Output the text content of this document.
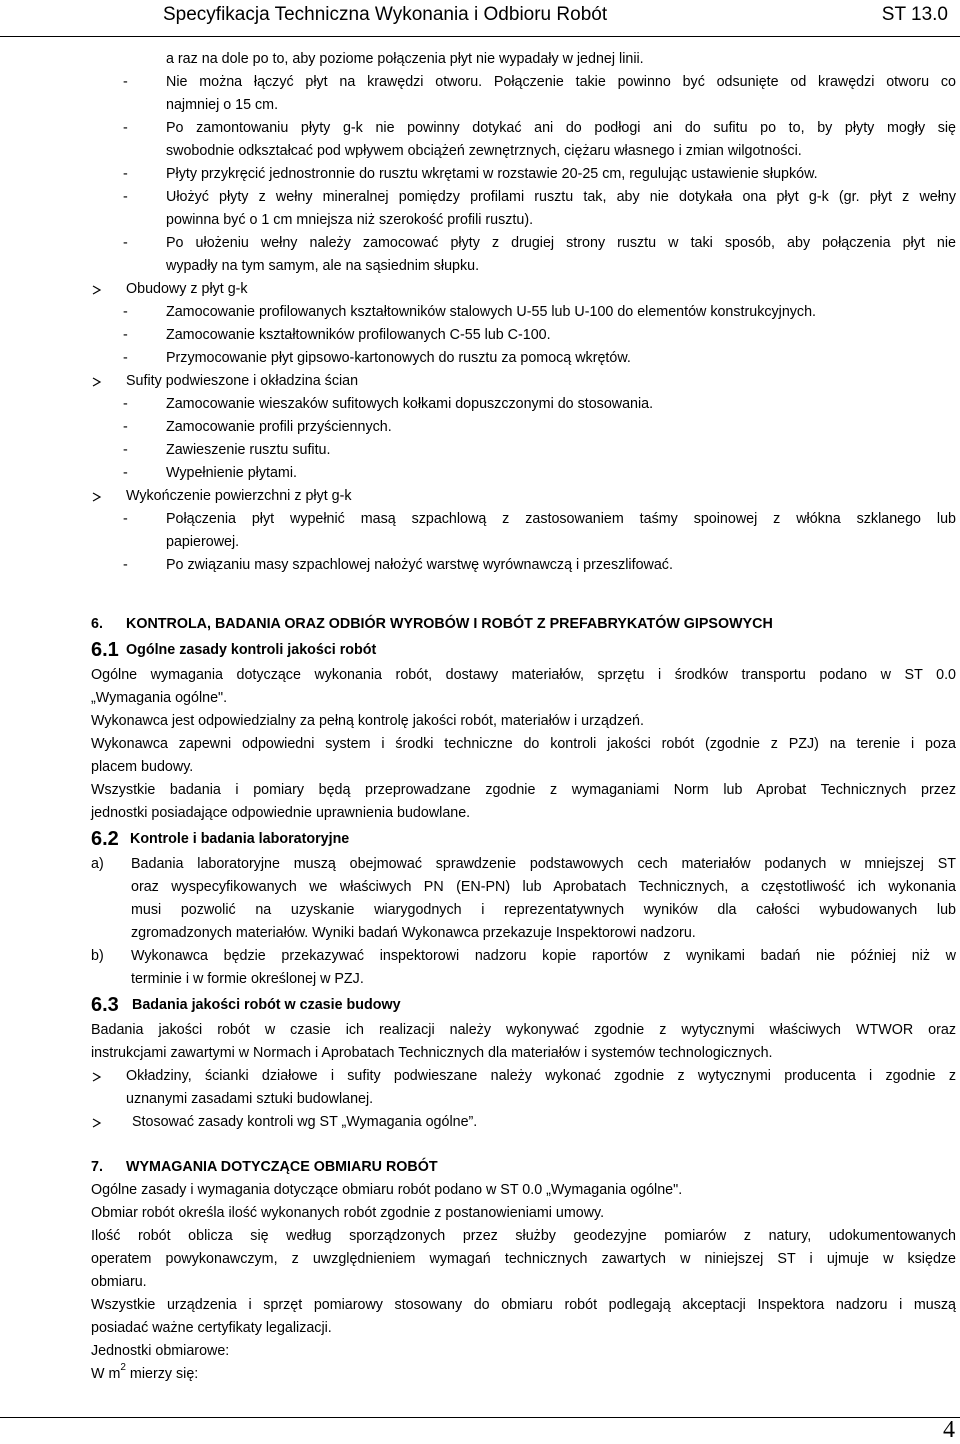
Specyfikacja Techniczna Wykonania i Odbioru Robót	ST 13.0
a raz na dole po to, aby poziome połączenia płyt nie wypadały w jednej linii.
-	Nie można łączyć płyt na krawędzi otworu. Połączenie takie powinno być odsunięte od krawędzi otworu co
najmniej o 15 cm.
-	Po zamontowaniu płyty g-k nie powinny dotykać ani do podłogi ani do sufitu po to, by płyty mogły się
swobodnie odkształcać pod wpływem obciążeń zewnętrznych, ciężaru własnego i zmian wilgotności.
-	Płyty przykręcić jednostronnie do rusztu wkrętami w rozstawie 20-25 cm, regulując ustawienie słupków.
-	Ułożyć płyty z wełny mineralnej pomiędzy profilami rusztu tak, aby nie dotykała ona płyt g-k (gr. płyt z wełny
powinna być o 1 cm mniejsza niż szerokość profili rusztu).
-	Po ułożeniu wełny należy zamocować płyty z drugiej strony rusztu w taki sposób, aby połączenia płyt nie
wypadły na tym samym, ale na sąsiednim słupku.
Obudowy z płyt g-k
-	Zamocowanie profilowanych kształtowników stalowych U-55 lub U-100 do elementów konstrukcyjnych.
-	Zamocowanie kształtowników profilowanych C-55 lub C-100.
-	Przymocowanie płyt gipsowo-kartonowych do rusztu za pomocą wkrętów.
Sufity podwieszone i okładzina ścian
-	Zamocowanie wieszaków sufitowych kołkami dopuszczonymi do stosowania.
-	Zamocowanie profili przyściennych.
-	Zawieszenie rusztu sufitu.
-	Wypełnienie płytami.
Wykończenie powierzchni z płyt g-k
-	Połączenia płyt wypełnić masą szpachlową z zastosowaniem taśmy spoinowej z włókna szklanego lub
papierowej.
-	Po związaniu masy szpachlowej nałożyć warstwę wyrównawczą i przeszlifować.
6. KONTROLA, BADANIA ORAZ ODBIÓR WYROBÓW I ROBÓT Z PREFABRYKATÓW GIPSOWYCH
6.1 Ogólne zasady kontroli jakości robót
Ogólne wymagania dotyczące wykonania robót, dostawy materiałów, sprzętu i środków transportu podano w ST 0.0
„Wymagania ogólne".
Wykonawca jest odpowiedzialny za pełną kontrolę jakości robót, materiałów i urządzeń.
Wykonawca zapewni odpowiedni system i środki techniczne do kontroli jakości robót (zgodnie z PZJ) na terenie i poza
placem budowy.
Wszystkie badania i pomiary będą przeprowadzane zgodnie z wymaganiami Norm lub Aprobat Technicznych przez
jednostki posiadające odpowiednie uprawnienia budowlane.
6.2 Kontrole i badania laboratoryjne
a) Badania laboratoryjne muszą obejmować sprawdzenie podstawowych cech materiałów podanych w mniejszej ST
oraz wyspecyfikowanych we właściwych PN (EN-PN) lub Aprobatach Technicznych, a częstotliwość ich wykonania
musi pozwolić na uzyskanie wiarygodnych i reprezentatywnych wyników dla całości wybudowanych lub
zgromadzonych materiałów. Wyniki badań Wykonawca przekazuje Inspektorowi nadzoru.
b) Wykonawca będzie przekazywać inspektorowi nadzoru kopie raportów z wynikami badań nie później niż w
terminie i w formie określonej w PZJ.
6.3 Badania jakości robót w czasie budowy
Badania jakości robót w czasie ich realizacji należy wykonywać zgodnie z wytycznymi właściwych WTWOR oraz
instrukcjami zawartymi w Normach i Aprobatach Technicznych dla materiałów i systemów technologicznych.
Okładziny, ścianki działowe i sufity podwieszane należy wykonać zgodnie z wytycznymi producenta i zgodnie z
uznanymi zasadami sztuki budowlanej.
Stosować zasady kontroli wg ST „Wymagania ogólne”.
7. WYMAGANIA DOTYCZĄCE OBMIARU ROBÓT
Ogólne zasady i wymagania dotyczące obmiaru robót podano w ST 0.0 „Wymagania ogólne".
Obmiar robót określa ilość wykonanych robót zgodnie z postanowieniami umowy.
Ilość robót oblicza się według sporządzonych przez służby geodezyjne pomiarów z natury, udokumentowanych
operatem powykonawczym, z uwzględnieniem wymagań technicznych zawartych w niniejszej ST i ujmuje w księdze
obmiaru.
Wszystkie urządzenia i sprzęt pomiarowy stosowany do obmiaru robót podlegają akceptacji Inspektora nadzoru i muszą
posiadać ważne certyfikaty legalizacji.
Jednostki obmiarowe:
W $m^2$ mierzy się:
4
